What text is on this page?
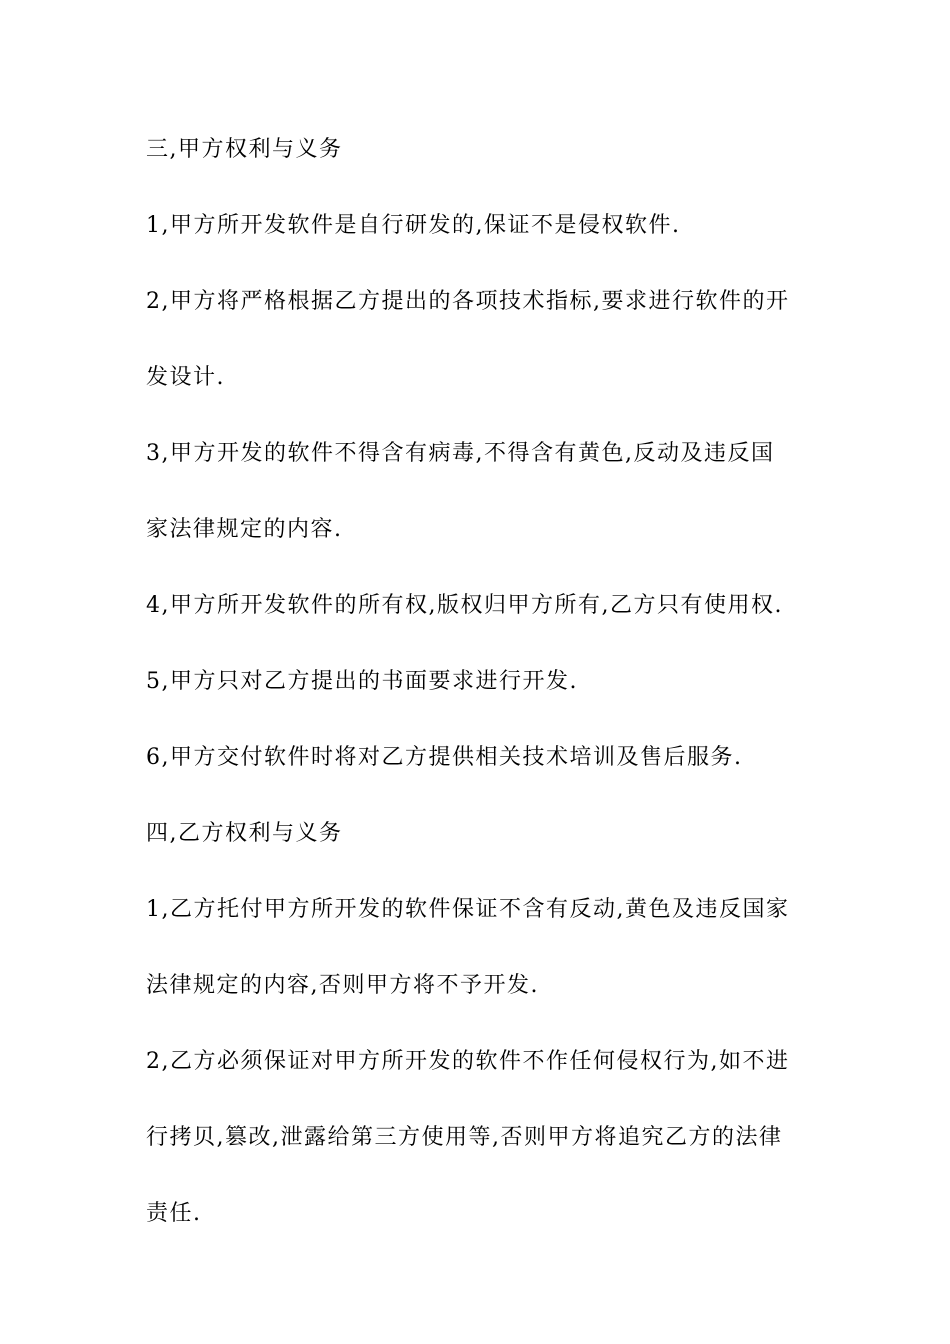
三,甲方权利与义务
1,甲方所开发软件是自行研发的,保证不是侵权软件.
2,甲方将严格根据乙方提出的各项技术指标,要求进行软件的开
发设计.
3,甲方开发的软件不得含有病毒,不得含有黄色,反动及违反国
家法律规定的内容.
4,甲方所开发软件的所有权,版权归甲方所有,乙方只有使用权.
5,甲方只对乙方提出的书面要求进行开发.
6,甲方交付软件时将对乙方提供相关技术培训及售后服务.
四,乙方权利与义务
1,乙方托付甲方所开发的软件保证不含有反动,黄色及违反国家
法律规定的内容,否则甲方将不予开发.
2,乙方必须保证对甲方所开发的软件不作任何侵权行为,如不进
行拷贝,篡改,泄露给第三方使用等,否则甲方将追究乙方的法律
责任.
